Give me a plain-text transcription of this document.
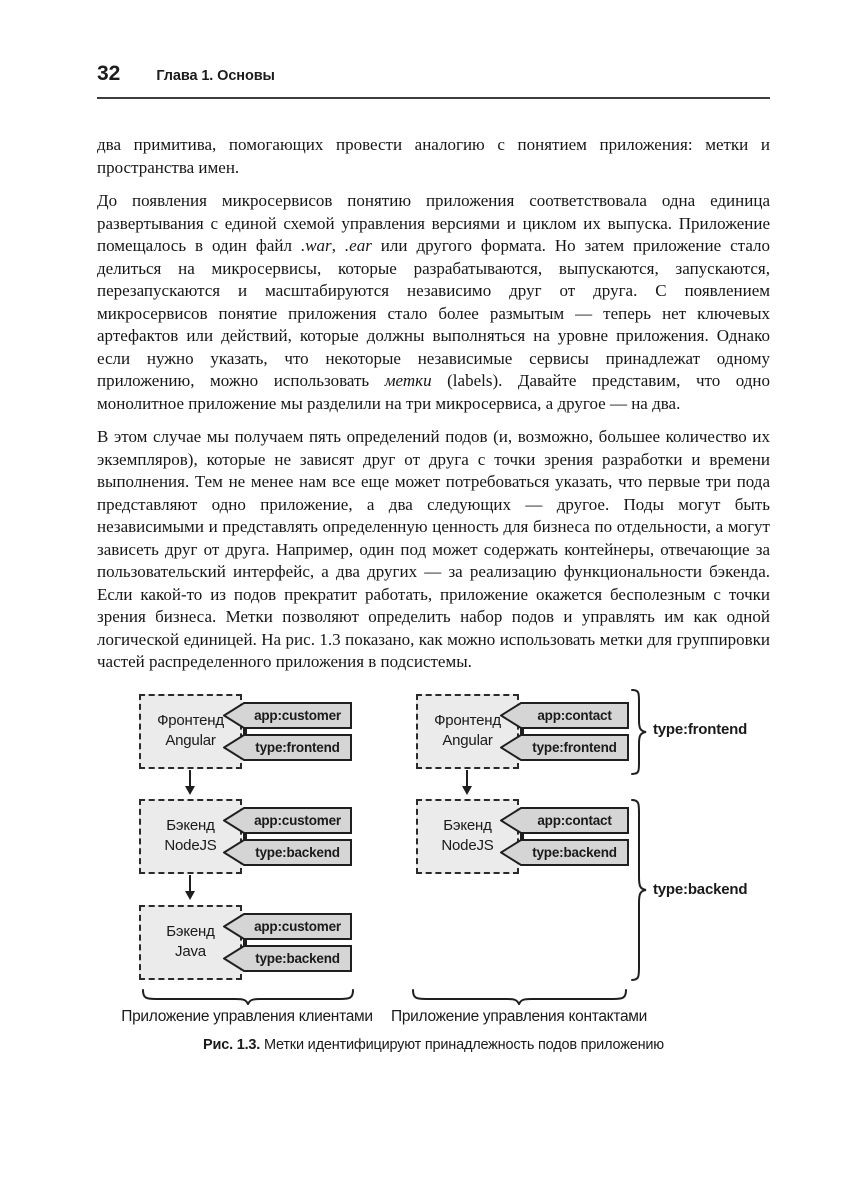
32 Глава 1. Основы

два примитива, помогающих провести аналогию с понятием приложения: метки и пространства имен.

До появления микросервисов понятию приложения соответствовала одна единица развертывания с единой схемой управления версиями и циклом их выпуска. Приложение помещалось в один файл .war, .ear или другого формата. Но затем приложение стало делиться на микросервисы, которые разрабатываются, выпускаются, запускаются, перезапускаются и масштабируются независимо друг от друга. С появлением микросервисов понятие приложения стало более размытым — теперь нет ключевых артефактов или действий, которые должны выполняться на уровне приложения. Однако если нужно указать, что некоторые независимые сервисы принадлежат одному приложению, можно использовать метки (labels). Давайте представим, что одно монолитное приложение мы разделили на три микросервиса, а другое — на два.

В этом случае мы получаем пять определений подов (и, возможно, большее количество их экземпляров), которые не зависят друг от друга с точки зрения разработки и времени выполнения. Тем не менее нам все еще может потребоваться указать, что первые три пода представляют одно приложение, а два следующих — другое. Поды могут быть независимыми и представлять определенную ценность для бизнеса по отдельности, а могут зависеть друг от друга. Например, один под может содержать контейнеры, отвечающие за пользовательский интерфейс, а два других — за реализацию функциональности бэкенда. Если какой-то из подов прекратит работать, приложение окажется бесполезным с точки зрения бизнеса. Метки позволяют определить набор подов и управлять им как одной логической единицей. На рис. 1.3 показано, как можно использовать метки для группировки частей распределенного приложения в подсистемы.

Фронтенд
Angular
app:customer
type:frontend
Бэкенд
NodeJS
app:customer
type:backend
Бэкенд
Java
app:customer
type:backend
Приложение управления клиентами
Фронтенд
Angular
app:contact
type:frontend
type:frontend
Бэкенд
NodeJS
app:contact
type:backend
type:backend
Приложение управления контактами
Рис. 1.3. Метки идентифицируют принадлежность подов приложению
